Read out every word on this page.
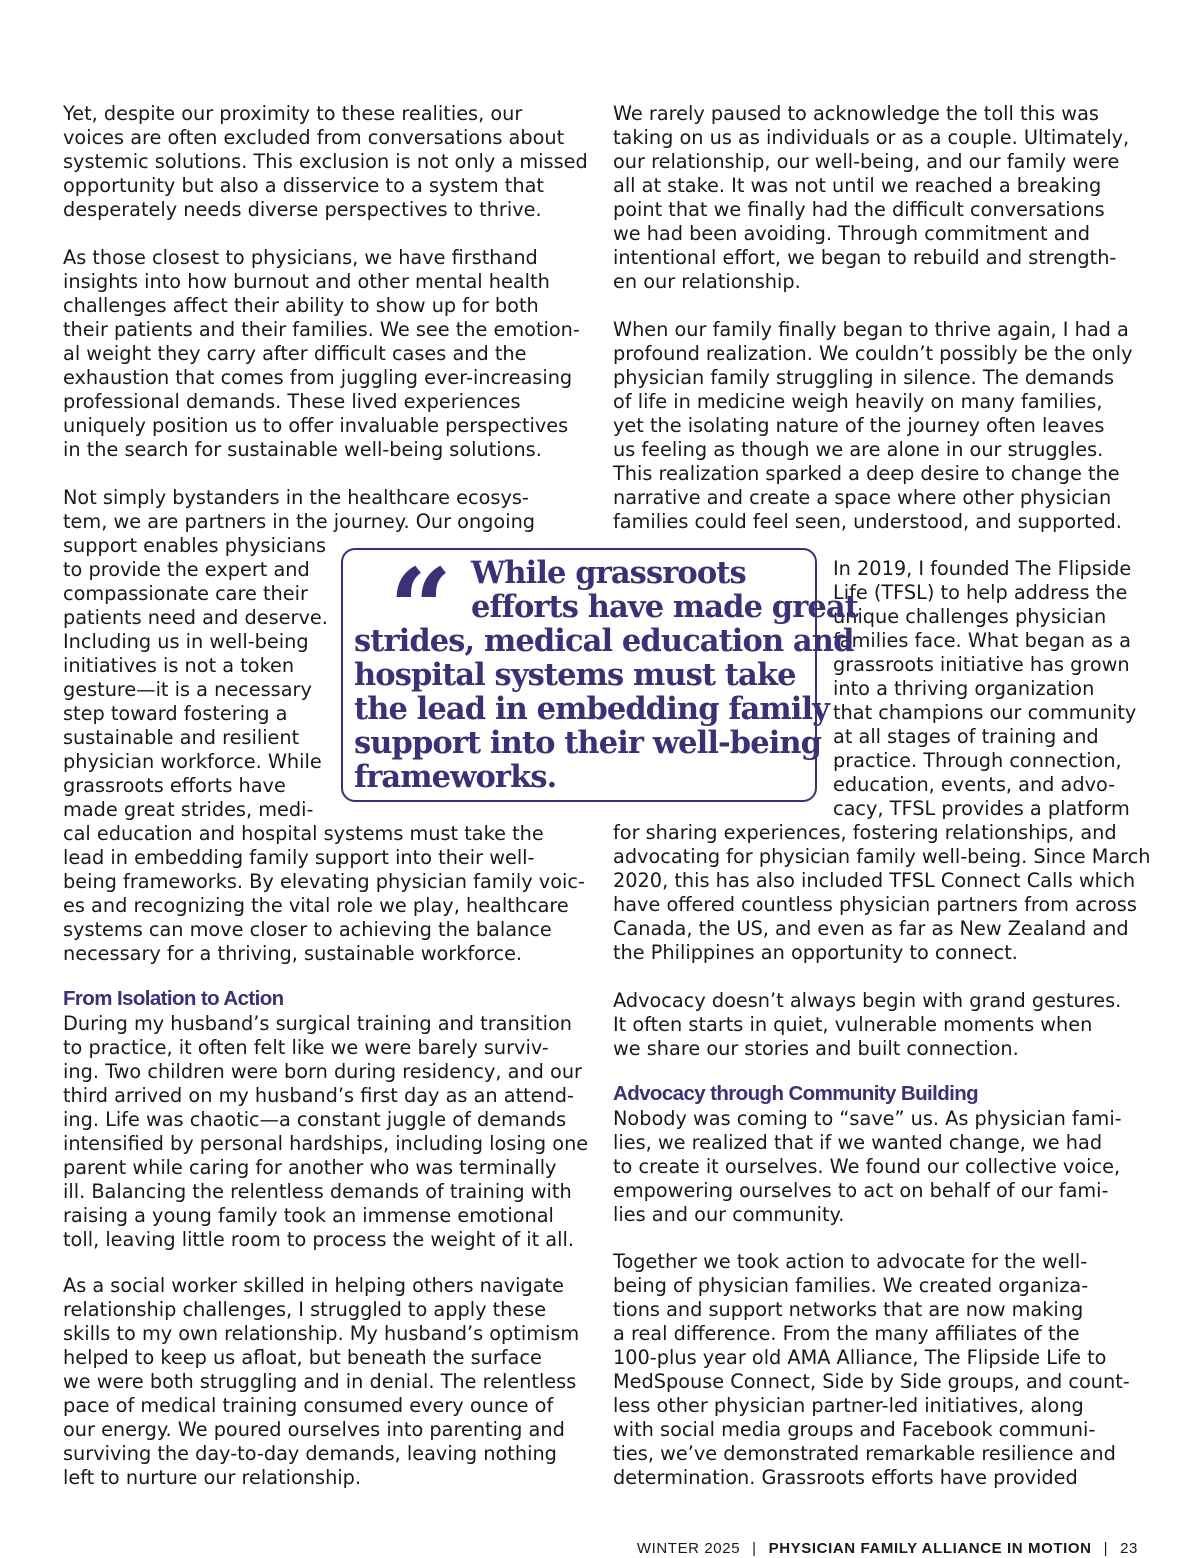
Yet, despite our proximity to these realities, our
voices are often excluded from conversations about
systemic solutions. This exclusion is not only a missed
opportunity but also a disservice to a system that
desperately needs diverse perspectives to thrive.
As those closest to physicians, we have firsthand
insights into how burnout and other mental health
challenges affect their ability to show up for both
their patients and their families. We see the emotion-
al weight they carry after difficult cases and the
exhaustion that comes from juggling ever-increasing
professional demands. These lived experiences
uniquely position us to offer invaluable perspectives
in the search for sustainable well-being solutions.
Not simply bystanders in the healthcare ecosys-
tem, we are partners in the journey. Our ongoing
support enables physicians
to provide the expert and
compassionate care their
patients need and deserve.
Including us in well-being
initiatives is not a token
gesture—it is a necessary
step toward fostering a
sustainable and resilient
physician workforce. While
grassroots efforts have
made great strides, medi-
cal education and hospital systems must take the
lead in embedding family support into their well-
being frameworks. By elevating physician family voic-
es and recognizing the vital role we play, healthcare
systems can move closer to achieving the balance
necessary for a thriving, sustainable workforce.
From Isolation to Action
During my husband’s surgical training and transition
to practice, it often felt like we were barely surviv-
ing. Two children were born during residency, and our
third arrived on my husband’s first day as an attend-
ing. Life was chaotic—a constant juggle of demands
intensified by personal hardships, including losing one
parent while caring for another who was terminally
ill. Balancing the relentless demands of training with
raising a young family took an immense emotional
toll, leaving little room to process the weight of it all.
As a social worker skilled in helping others navigate
relationship challenges, I struggled to apply these
skills to my own relationship. My husband’s optimism
helped to keep us afloat, but beneath the surface
we were both struggling and in denial. The relentless
pace of medical training consumed every ounce of
our energy. We poured ourselves into parenting and
surviving the day-to-day demands, leaving nothing
left to nurture our relationship.
We rarely paused to acknowledge the toll this was
taking on us as individuals or as a couple. Ultimately,
our relationship, our well-being, and our family were
all at stake. It was not until we reached a breaking
point that we finally had the difficult conversations
we had been avoiding. Through commitment and
intentional effort, we began to rebuild and strength-
en our relationship.
When our family finally began to thrive again, I had a
profound realization. We couldn’t possibly be the only
physician family struggling in silence. The demands
of life in medicine weigh heavily on many families,
yet the isolating nature of the journey often leaves
us feeling as though we are alone in our struggles.
This realization sparked a deep desire to change the
narrative and create a space where other physician
families could feel seen, understood, and supported.
In 2019, I founded The Flipside
Life (TFSL) to help address the
unique challenges physician
families face. What began as a
grassroots initiative has grown
into a thriving organization
that champions our community
at all stages of training and
practice. Through connection,
education, events, and advo-
cacy, TFSL provides a platform
for sharing experiences, fostering relationships, and
advocating for physician family well-being. Since March
2020, this has also included TFSL Connect Calls which
have offered countless physician partners from across
Canada, the US, and even as far as New Zealand and
the Philippines an opportunity to connect.
Advocacy doesn’t always begin with grand gestures.
It often starts in quiet, vulnerable moments when
we share our stories and built connection.
Advocacy through Community Building
Nobody was coming to “save” us. As physician fami-
lies, we realized that if we wanted change, we had
to create it ourselves. We found our collective voice,
empowering ourselves to act on behalf of our fami-
lies and our community.
Together we took action to advocate for the well-
being of physician families. We created organiza-
tions and support networks that are now making
a real difference. From the many affiliates of the
100-plus year old AMA Alliance, The Flipside Life to
MedSpouse Connect, Side by Side groups, and count-
less other physician partner-led initiatives, along
with social media groups and Facebook communi-
ties, we’ve demonstrated remarkable resilience and
determination. Grassroots efforts have provided
“ While grassroots
efforts have made great
strides, medical education and
hospital systems must take
the lead in embedding family
support into their well-being
frameworks.
WINTER 2025 | PHYSICIAN FAMILY ALLIANCE IN MOTION | 23
